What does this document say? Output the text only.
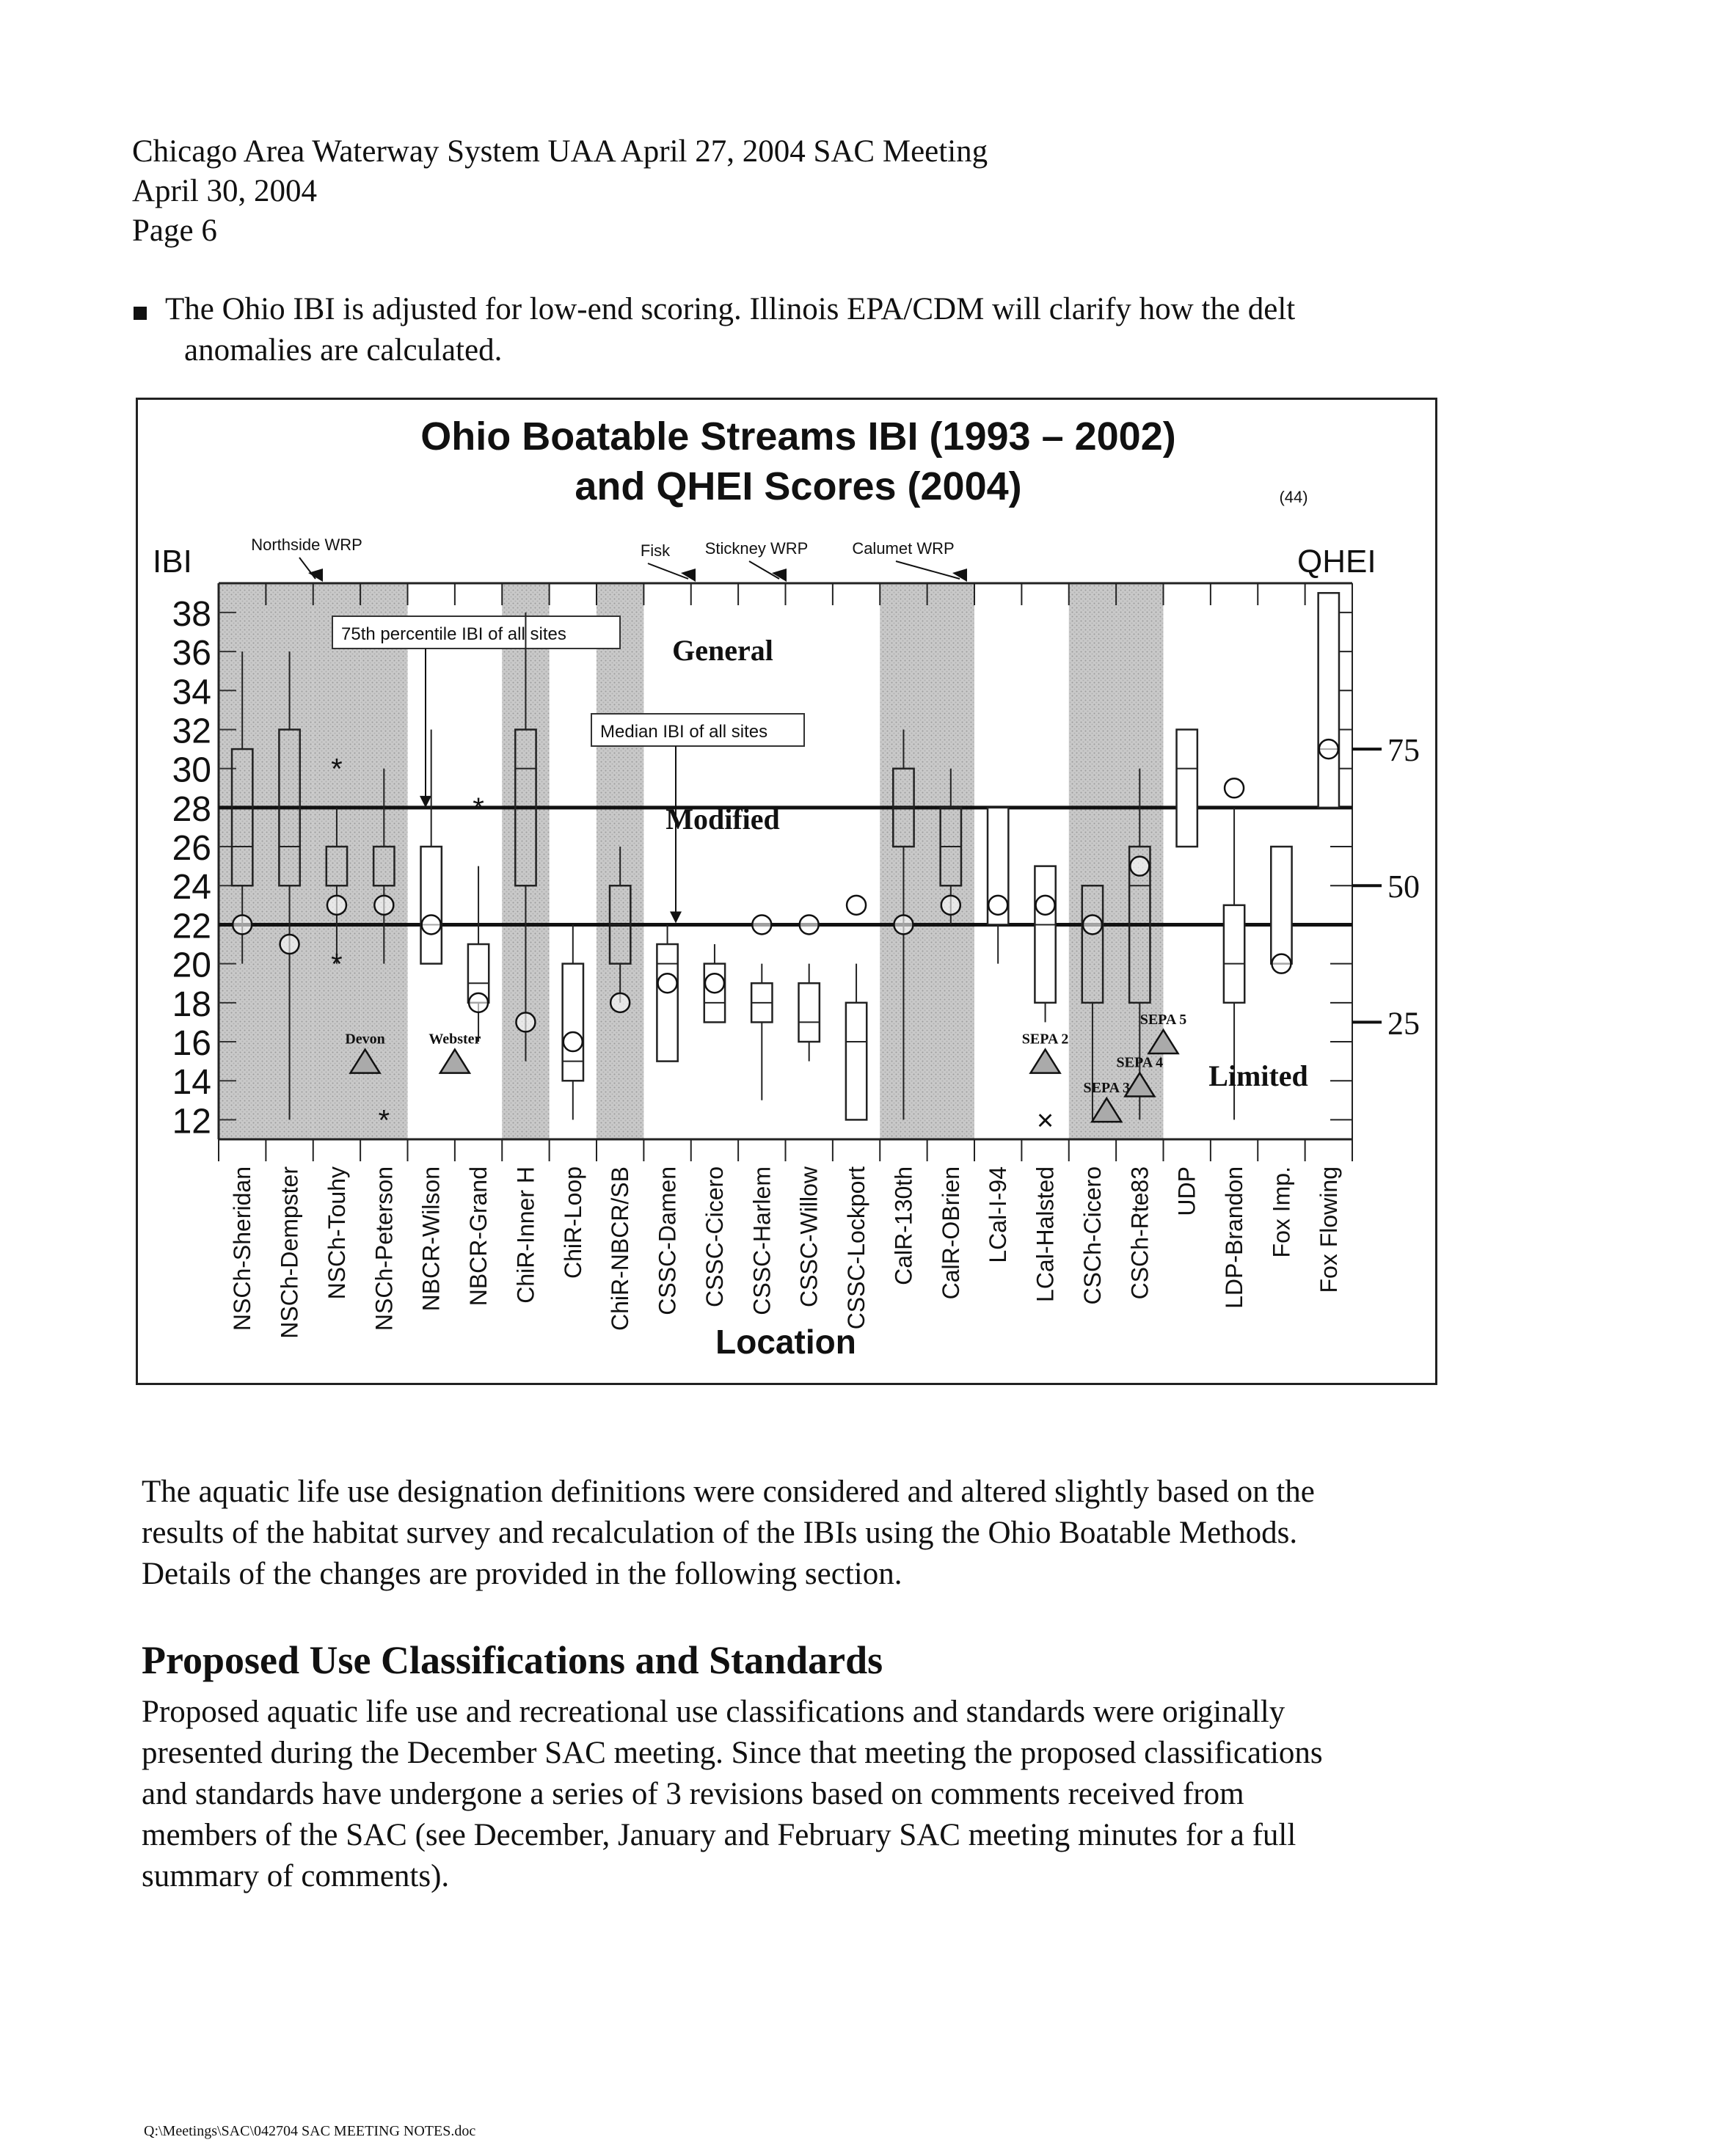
Chicago Area Waterway System UAA April 27, 2004 SAC Meeting
April 30, 2004
Page 6
The Ohio IBI is adjusted for low-end scoring. Illinois EPA/CDM will clarify how the delt
anomalies are calculated.
Ohio Boatable Streams IBI (1993 – 2002)
and QHEI Scores (2004)
IBI	QHEI
Location
*
*
*
*
×
38
36
34
32
30
28
26
24
22
20
18
16
14
12
75
50
25
75th percentile IBI of all sites
Median IBI of all sites
Devon	Webster	SEPA 2
SEPA 3
SEPA 4
SEPA 5
General
Modified
Limited
Northside WRP	Fisk Stickney WRP	Calumet WRP
(44)
NSCh-Sheridan NSCh-Dempster NSCh-Touhy NSCh-Peterson NBCR-Wilson NBCR-Grand ChiR-Inner H ChiR-Loop ChiR-NBCR/SB CSSC-Damen CSSC-Cicero CSSC-Harlem CSSC-Willow CSSC-Lockport CalR-130th CalR-OBrien LCal-I-94 LCal-Halsted CSCh-Cicero CSCh-Rte83 UDP LDP-Brandon Fox Imp. Fox Flowing
The aquatic life use designation definitions were considered and altered slightly based on the
results of the habitat survey and recalculation of the IBIs using the Ohio Boatable Methods.
Details of the changes are provided in the following section.
Proposed Use Classifications and Standards
Proposed aquatic life use and recreational use classifications and standards were originally
presented during the December SAC meeting. Since that meeting the proposed classifications
and standards have undergone a series of 3 revisions based on comments received from
members of the SAC (see December, January and February SAC meeting minutes for a full
summary of comments).
Q:\Meetings\SAC\042704 SAC MEETING NOTES.doc
